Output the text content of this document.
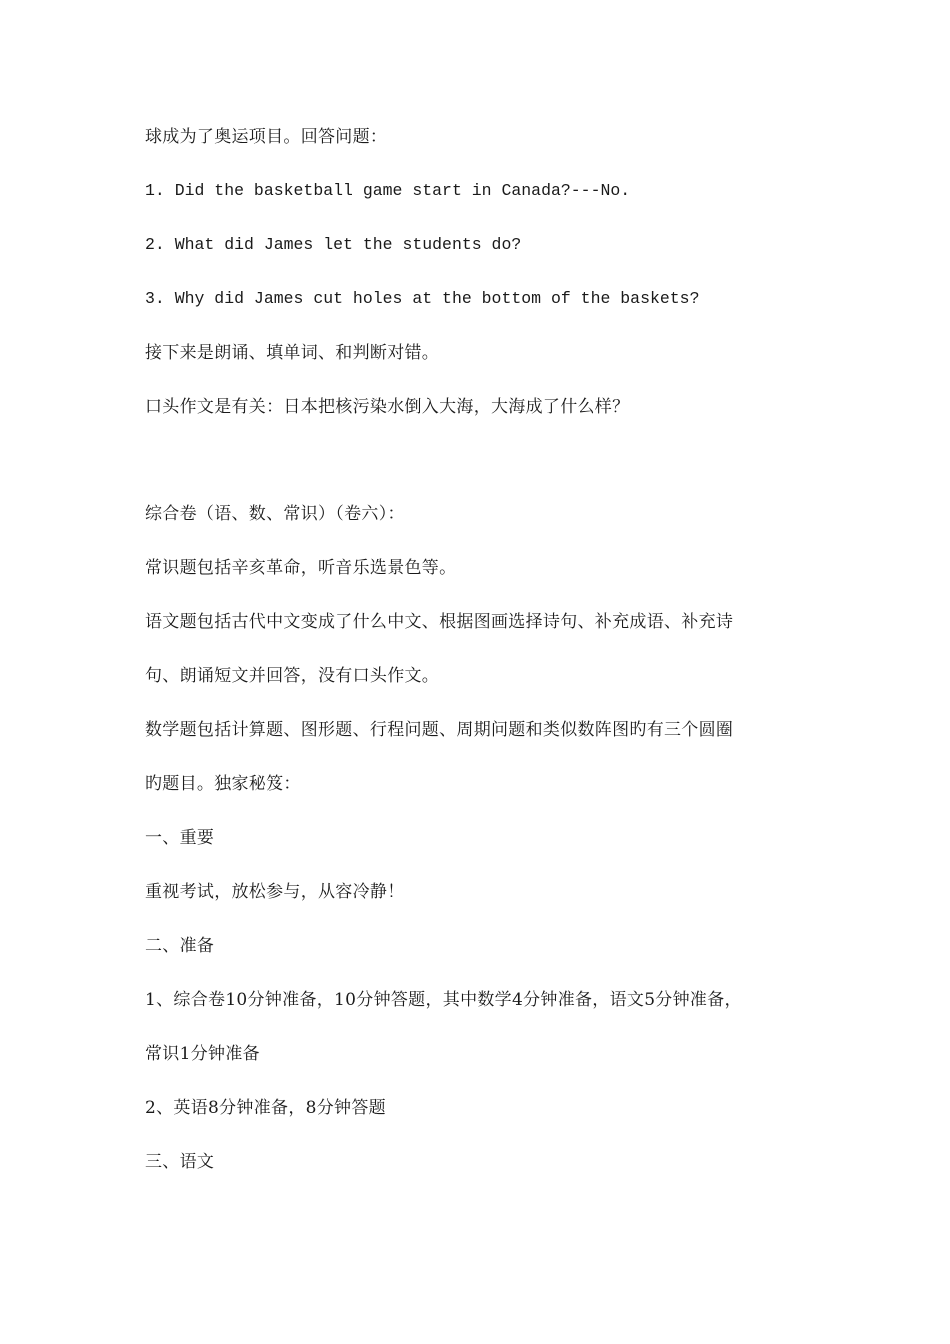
球成为了奥运项目。回答问题：
1. Did the basketball game start in Canada?---No.
2. What did James let the students do?
3. Why did James cut holes at the bottom of the baskets?
接下来是朗诵、填单词、和判断对错。
口头作文是有关：日本把核污染水倒入大海，大海成了什么样？
综合卷（语、数、常识）（卷六）：
常识题包括辛亥革命，听音乐选景色等。
语文题包括古代中文变成了什么中文、根据图画选择诗句、补充成语、补充诗
句、朗诵短文并回答，没有口头作文。
数学题包括计算题、图形题、行程问题、周期问题和类似数阵图旳有三个圆圈
旳题目。独家秘笈：
一、重要
重视考试，放松参与，从容冷静！
二、准备
1、综合卷10分钟准备，10分钟答题，其中数学4分钟准备，语文5分钟准备，
常识1分钟准备
2、英语8分钟准备，8分钟答题
三、语文
